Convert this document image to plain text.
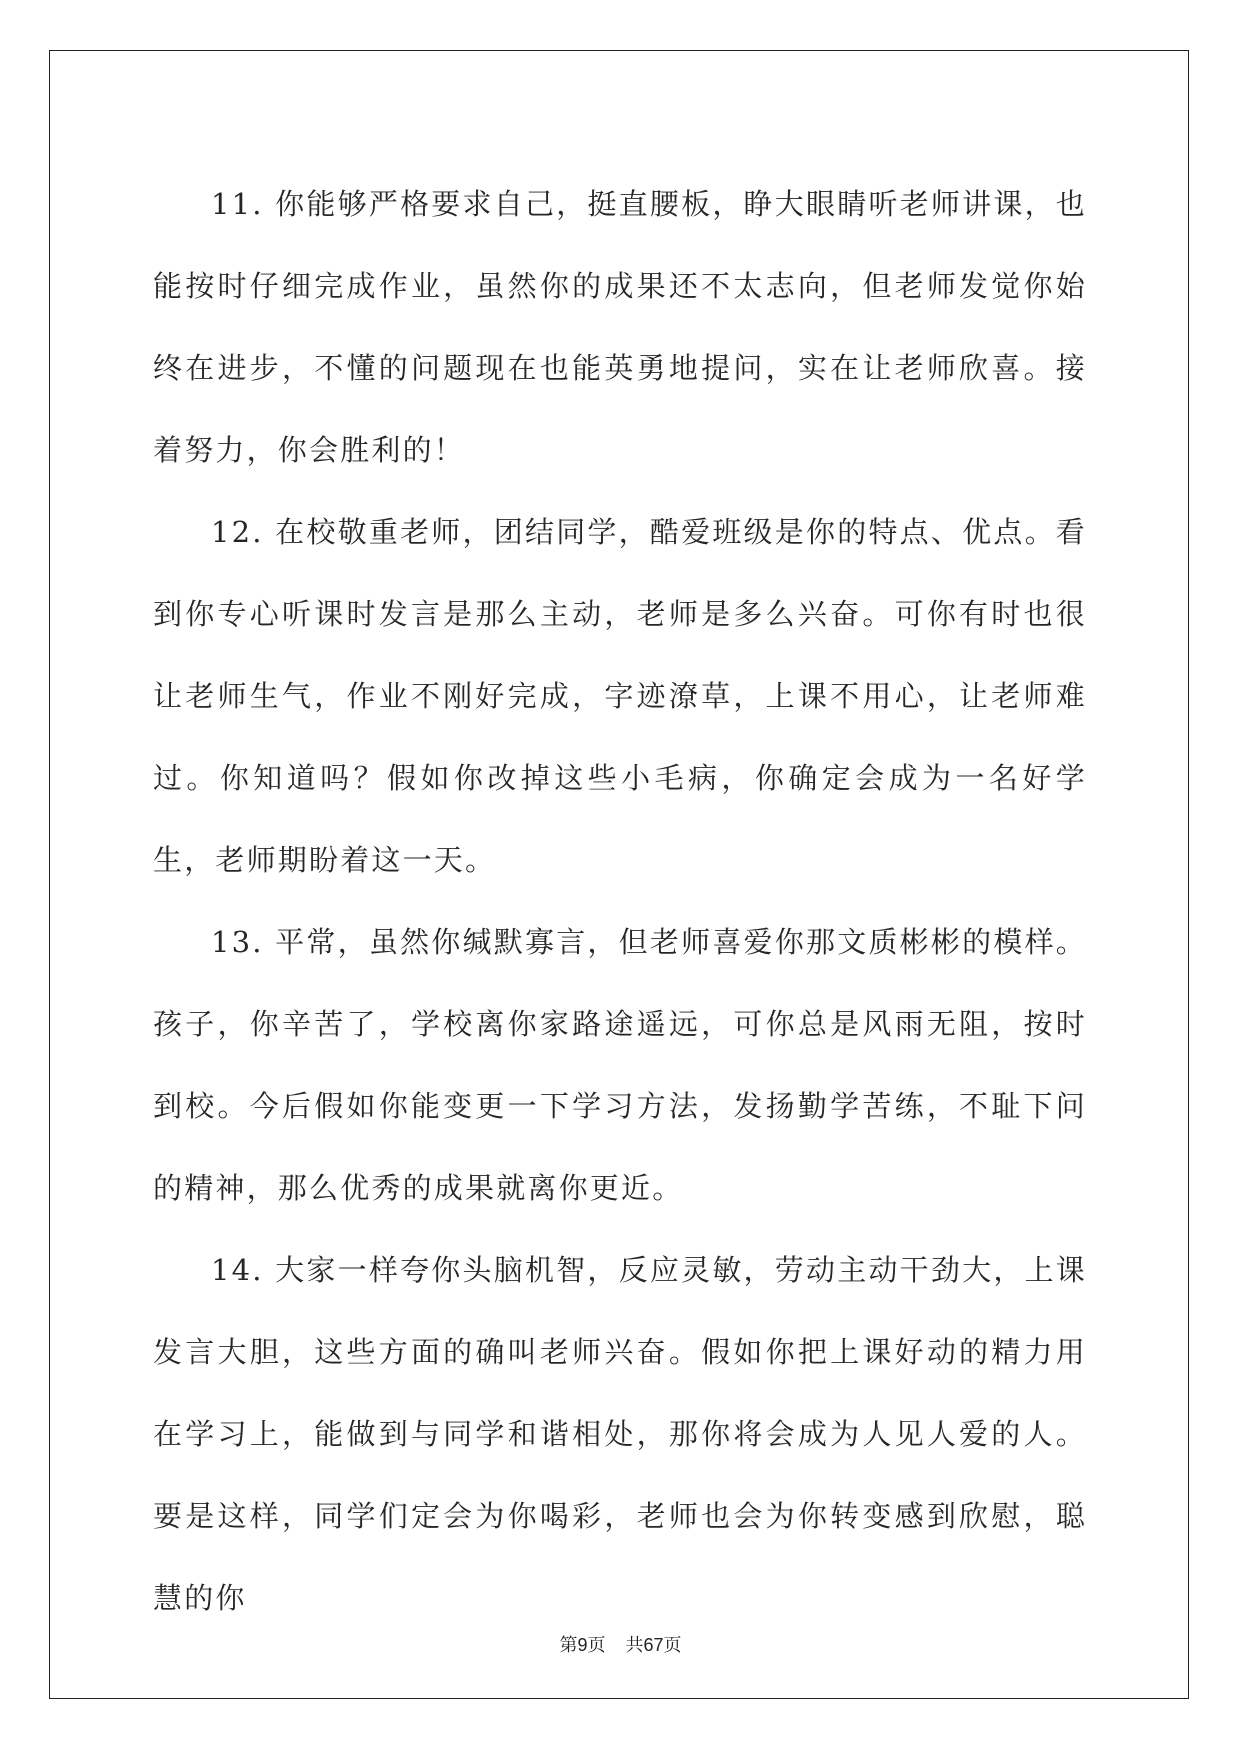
11. 你能够严格要求自己，挺直腰板，睁大眼睛听老师讲课，也能按时仔细完成作业，虽然你的成果还不太志向，但老师发觉你始终在进步，不懂的问题现在也能英勇地提问，实在让老师欣喜。接着努力，你会胜利的！

12. 在校敬重老师，团结同学，酷爱班级是你的特点、优点。看到你专心听课时发言是那么主动，老师是多么兴奋。可你有时也很让老师生气，作业不刚好完成，字迹潦草，上课不用心，让老师难过。你知道吗？假如你改掉这些小毛病，你确定会成为一名好学生，老师期盼着这一天。

13. 平常，虽然你缄默寡言，但老师喜爱你那文质彬彬的模样。孩子，你辛苦了，学校离你家路途遥远，可你总是风雨无阻，按时到校。今后假如你能变更一下学习方法，发扬勤学苦练，不耻下问的精神，那么优秀的成果就离你更近。

14. 大家一样夸你头脑机智，反应灵敏，劳动主动干劲大，上课发言大胆，这些方面的确叫老师兴奋。假如你把上课好动的精力用在学习上，能做到与同学和谐相处，那你将会成为人见人爱的人。要是这样，同学们定会为你喝彩，老师也会为你转变感到欣慰，聪慧的你

第9页 共67页
